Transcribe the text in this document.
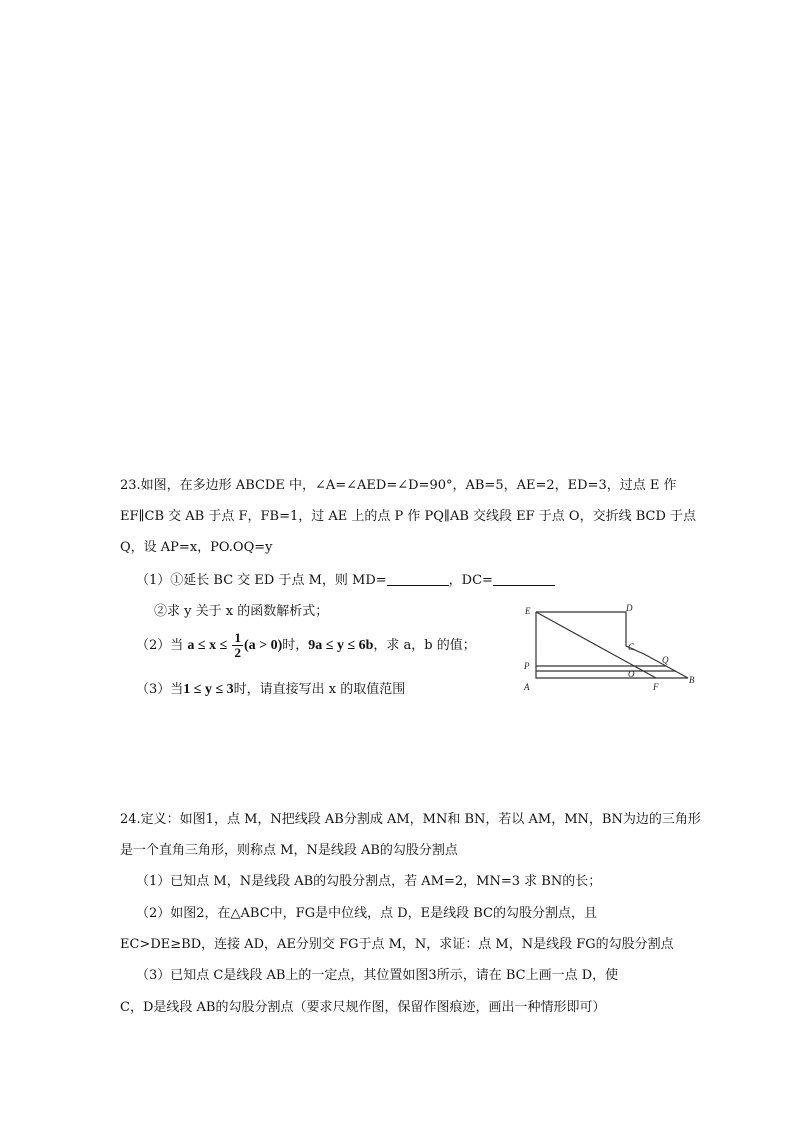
23.如图，在多边形 ABCDE 中，∠A=∠AED=∠D=90°，AB=5，AE=2，ED=3，过点 E 作
EF∥CB 交 AB 于点 F，FB=1，过 AE 上的点 P 作 PQ∥AB 交线段 EF 于点 O，交折线 BCD 于点
Q，设 AP=x，PO.OQ=y
（1）①延长 BC 交 ED 于点 M，则 MD=	，DC=
②求 y 关于 x 的函数解析式；
（2）当 $a \le x \le \frac{1}{2} (a > 0)$时，9a ≤ y ≤ 6b，求 a，b 的值；
（3）当1 ≤ y ≤ 3时，请直接写出 x 的取值范围
E	D
C
Q
P
O
A	F
B
24.定义：如图1，点 M，N把线段 AB分割成 AM，MN和 BN，若以 AM，MN，BN为边的三角形
是一个直角三角形，则称点 M，N是线段 AB的勾股分割点
（1）已知点 M，N是线段 AB的勾股分割点，若 AM=2，MN=3 求 BN的长；
（2）如图2，在△ABC中，FG是中位线，点 D，E是线段 BC的勾股分割点，且
EC>DE≥BD，连接 AD，AE分别交 FG于点 M，N，求证：点 M，N是线段 FG的勾股分割点
（3）已知点 C是线段 AB上的一定点，其位置如图3所示，请在 BC上画一点 D，使
C，D是线段 AB的勾股分割点（要求尺规作图，保留作图痕迹，画出一种情形即可）
